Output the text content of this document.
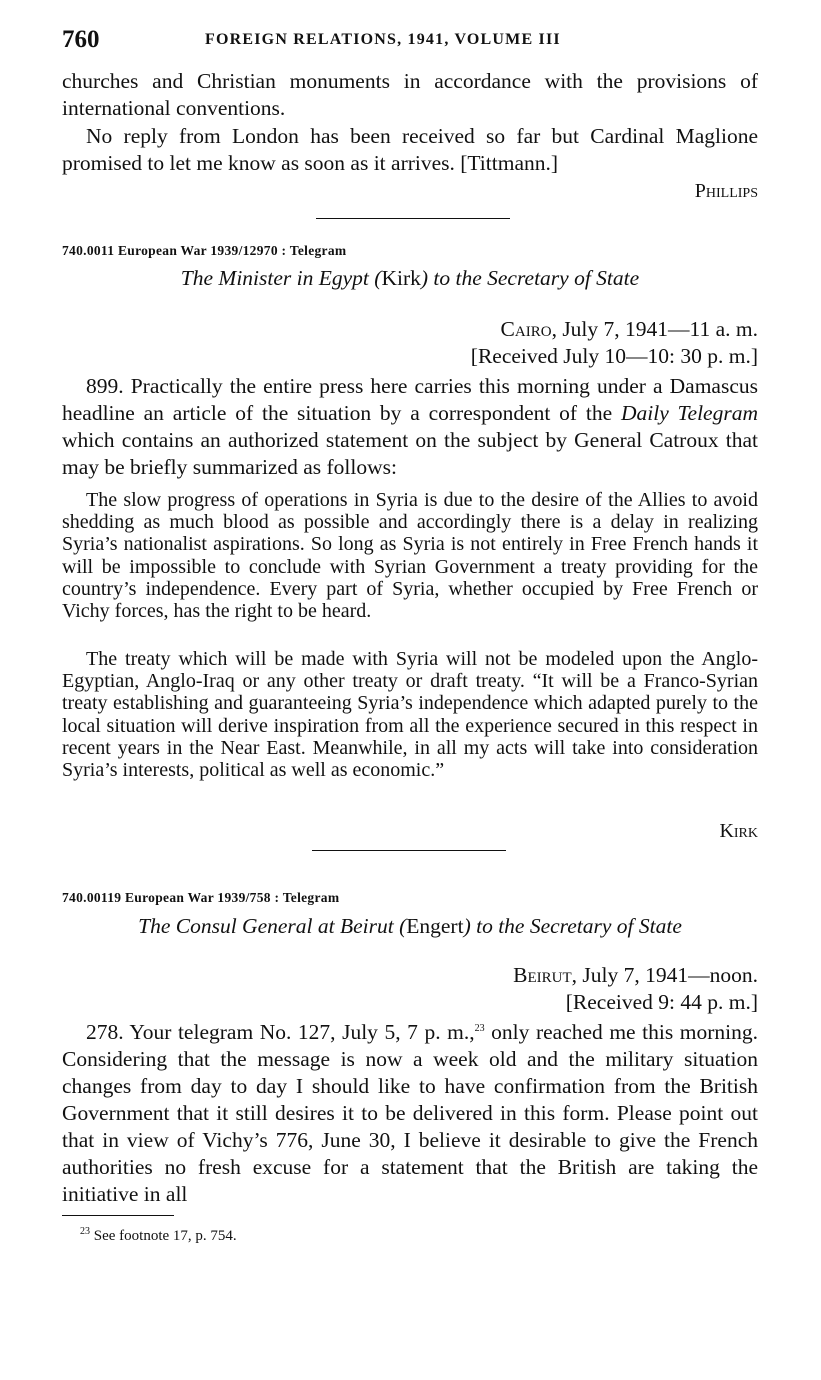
760	FOREIGN RELATIONS, 1941, VOLUME III

churches and Christian monuments in accordance with the provisions of international conventions.

No reply from London has been received so far but Cardinal Maglione promised to let me know as soon as it arrives. [Tittmann.]

Phillips
740.0011 European War 1939/12970 : Telegram
The Minister in Egypt (Kirk) to the Secretary of State
Cairo, July 7, 1941—11 a. m.
[Received July 10—10: 30 p. m.]

899. Practically the entire press here carries this morning under a Damascus headline an article of the situation by a correspondent of the Daily Telegram which contains an authorized statement on the subject by General Catroux that may be briefly summarized as follows:

The slow progress of operations in Syria is due to the desire of the Allies to avoid shedding as much blood as possible and accordingly there is a delay in realizing Syria’s nationalist aspirations. So long as Syria is not entirely in Free French hands it will be impossible to conclude with Syrian Government a treaty providing for the country’s independence. Every part of Syria, whether occupied by Free French or Vichy forces, has the right to be heard.

The treaty which will be made with Syria will not be modeled upon the Anglo-Egyptian, Anglo-Iraq or any other treaty or draft treaty. “It will be a Franco-Syrian treaty establishing and guaranteeing Syria’s independence which adapted purely to the local situation will derive inspiration from all the experience secured in this respect in recent years in the Near East. Meanwhile, in all my acts will take into consideration Syria’s interests, political as well as economic.”

Kirk
740.00119 European War 1939/758 : Telegram
The Consul General at Beirut (Engert) to the Secretary of State
Beirut, July 7, 1941—noon.
[Received 9: 44 p. m.]

278. Your telegram No. 127, July 5, 7 p. m.,$^{23}$ only reached me this morning. Considering that the message is now a week old and the military situation changes from day to day I should like to have confirmation from the British Government that it still desires it to be delivered in this form. Please point out that in view of Vichy’s 776, June 30, I believe it desirable to give the French authorities no fresh excuse for a statement that the British are taking the initiative in all

$^{23}$ See footnote 17, p. 754.
